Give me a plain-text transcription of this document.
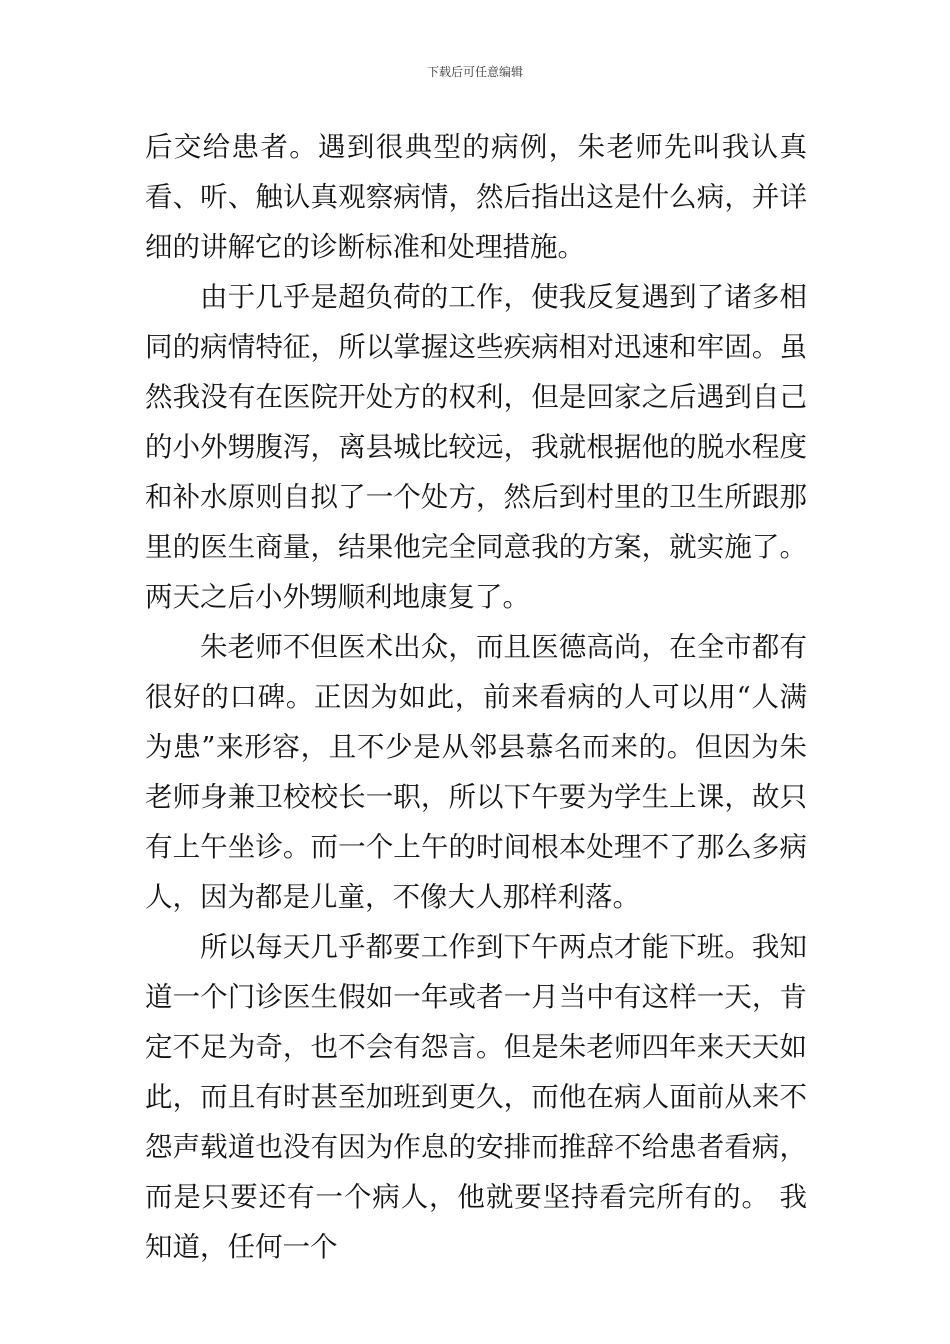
下载后可任意编辑

后交给患者。遇到很典型的病例，朱老师先叫我认真看、听、触认真观察病情，然后指出这是什么病，并详细的讲解它的诊断标准和处理措施。

由于几乎是超负荷的工作，使我反复遇到了诸多相同的病情特征，所以掌握这些疾病相对迅速和牢固。虽然我没有在医院开处方的权利，但是回家之后遇到自己的小外甥腹泻，离县城比较远，我就根据他的脱水程度和补水原则自拟了一个处方，然后到村里的卫生所跟那里的医生商量，结果他完全同意我的方案，就实施了。两天之后小外甥顺利地康复了。

朱老师不但医术出众，而且医德高尚，在全市都有很好的口碑。正因为如此，前来看病的人可以用“人满为患”来形容，且不少是从邻县慕名而来的。但因为朱老师身兼卫校校长一职，所以下午要为学生上课，故只有上午坐诊。而一个上午的时间根本处理不了那么多病人，因为都是儿童，不像大人那样利落。

所以每天几乎都要工作到下午两点才能下班。我知道一个门诊医生假如一年或者一月当中有这样一天，肯定不足为奇，也不会有怨言。但是朱老师四年来天天如此，而且有时甚至加班到更久，而他在病人面前从来不怨声载道也没有因为作息的安排而推辞不给患者看病，而是只要还有一个病人，他就要坚持看完所有的。 我知道，任何一个
